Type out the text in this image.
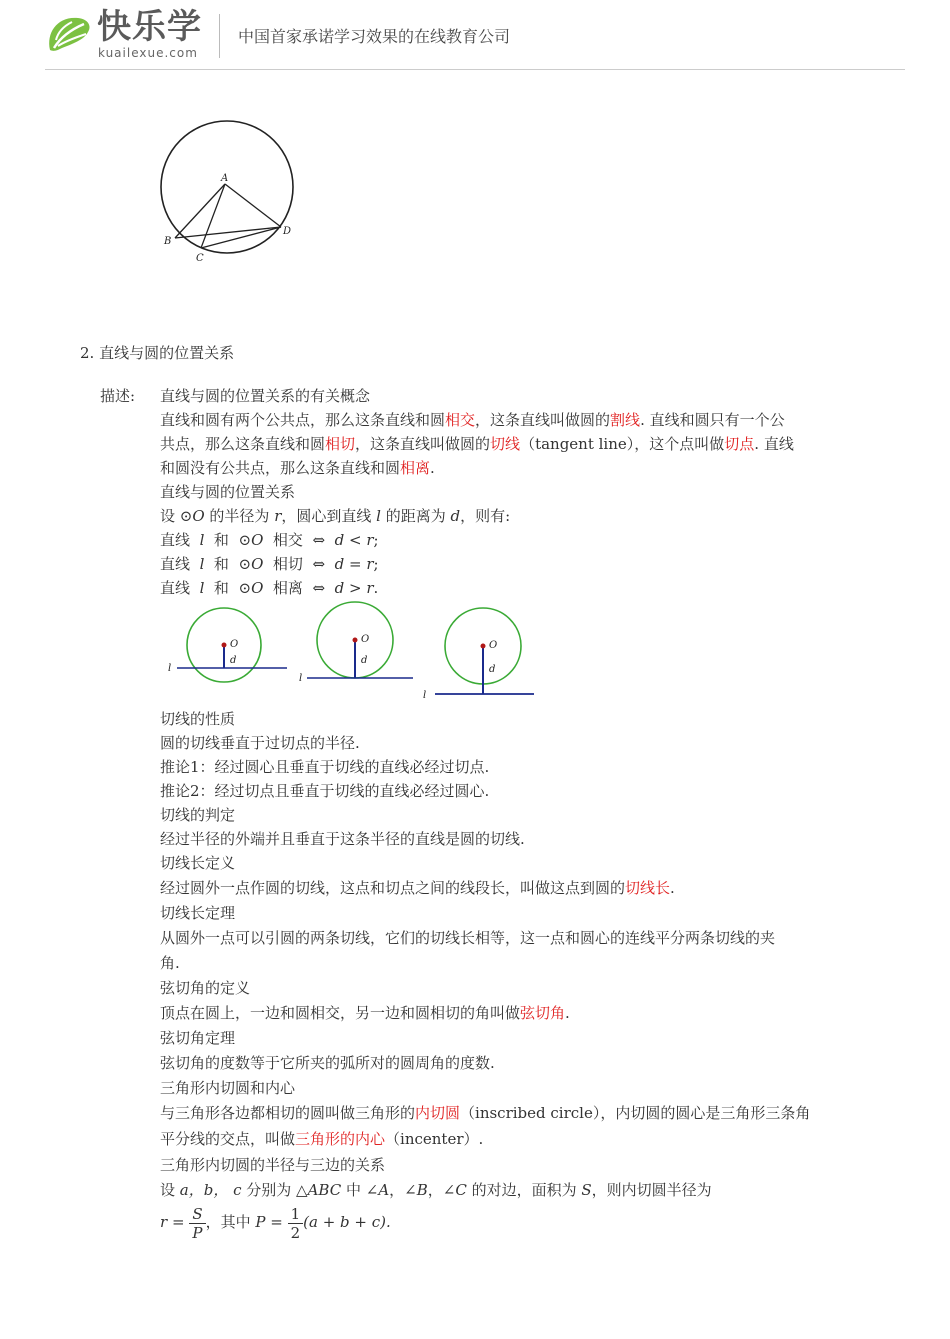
快乐学
kuailexue.com
中国首家承诺学习效果的在线教育公司
A
B
C
D
2. 直线与圆的位置关系
描述: 直线与圆的位置关系的有关概念
直线和圆有两个公共点，那么这条直线和圆相交，这条直线叫做圆的割线. 直线和圆只有一个公
共点，那么这条直线和圆相切，这条直线叫做圆的切线（tangent line），这个点叫做切点. 直线
和圆没有公共点，那么这条直线和圆相离.
直线与圆的位置关系
设 ⊙O 的半径为 r，圆心到直线 l 的距离为 d，则有:
直线 l 和 ⊙O 相交 ⇔ d < r;
直线 l 和 ⊙O 相切 ⇔ d = r;
直线 l 和 ⊙O 相离 ⇔ d > r.
O
d
l
O
d
l
O
d
l
切线的性质
圆的切线垂直于过切点的半径.
推论1：经过圆心且垂直于切线的直线必经过切点.
推论2：经过切点且垂直于切线的直线必经过圆心.
切线的判定
经过半径的外端并且垂直于这条半径的直线是圆的切线.
切线长定义
经过圆外一点作圆的切线，这点和切点之间的线段长，叫做这点到圆的切线长.
切线长定理
从圆外一点可以引圆的两条切线，它们的切线长相等，这一点和圆心的连线平分两条切线的夹
角.
弦切角的定义
顶点在圆上，一边和圆相交，另一边和圆相切的角叫做弦切角.
弦切角定理
弦切角的度数等于它所夹的弧所对的圆周角的度数.
三角形内切圆和内心
与三角形各边都相切的圆叫做三角形的内切圆（inscribed circle），内切圆的圆心是三角形三条角
平分线的交点，叫做三角形的内心（incenter）.
三角形内切圆的半径与三边的关系
设 a，b， c 分别为 △ABC 中 ∠A，∠B，∠C 的对边，面积为 S，则内切圆半径为
$r = \frac{S}{P}$ ，其中 $P = \frac{1}{2} (a + b + c)$.
